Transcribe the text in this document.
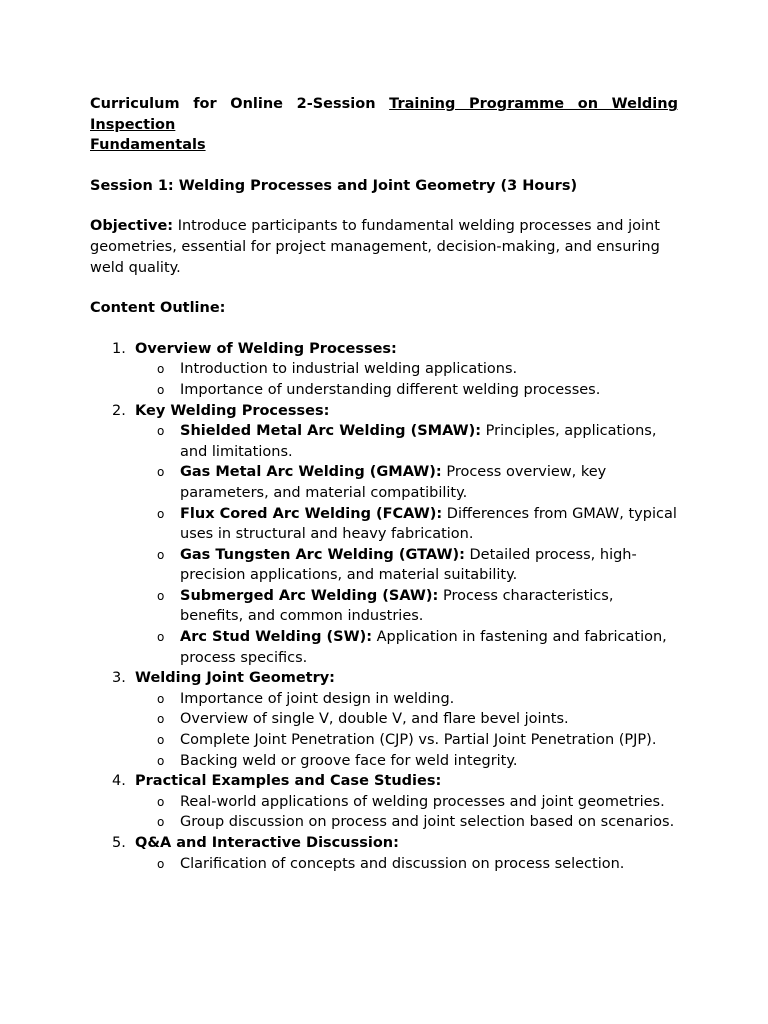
Curriculum for Online 2-Session Training Programme on Welding Inspection

Fundamentals

Session 1: Welding Processes and Joint Geometry (3 Hours)

Objective: Introduce participants to fundamental welding processes and joint geometries, essential for project management, decision-making, and ensuring weld quality.

Content Outline:

1. Overview of Welding Processes:
o Introduction to industrial welding applications.
o Importance of understanding different welding processes.
2. Key Welding Processes:
o Shielded Metal Arc Welding (SMAW): Principles, applications, and limitations.
o Gas Metal Arc Welding (GMAW): Process overview, key parameters, and material compatibility.
o Flux Cored Arc Welding (FCAW): Differences from GMAW, typical uses in structural and heavy fabrication.
o Gas Tungsten Arc Welding (GTAW): Detailed process, high-precision applications, and material suitability.
o Submerged Arc Welding (SAW): Process characteristics, benefits, and common industries.
o Arc Stud Welding (SW): Application in fastening and fabrication, process specifics.
3. Welding Joint Geometry:
o Importance of joint design in welding.
o Overview of single V, double V, and flare bevel joints.
o Complete Joint Penetration (CJP) vs. Partial Joint Penetration (PJP).
o Backing weld or groove face for weld integrity.
4. Practical Examples and Case Studies:
o Real-world applications of welding processes and joint geometries.
o Group discussion on process and joint selection based on scenarios.
5. Q&A and Interactive Discussion:
o Clarification of concepts and discussion on process selection.
